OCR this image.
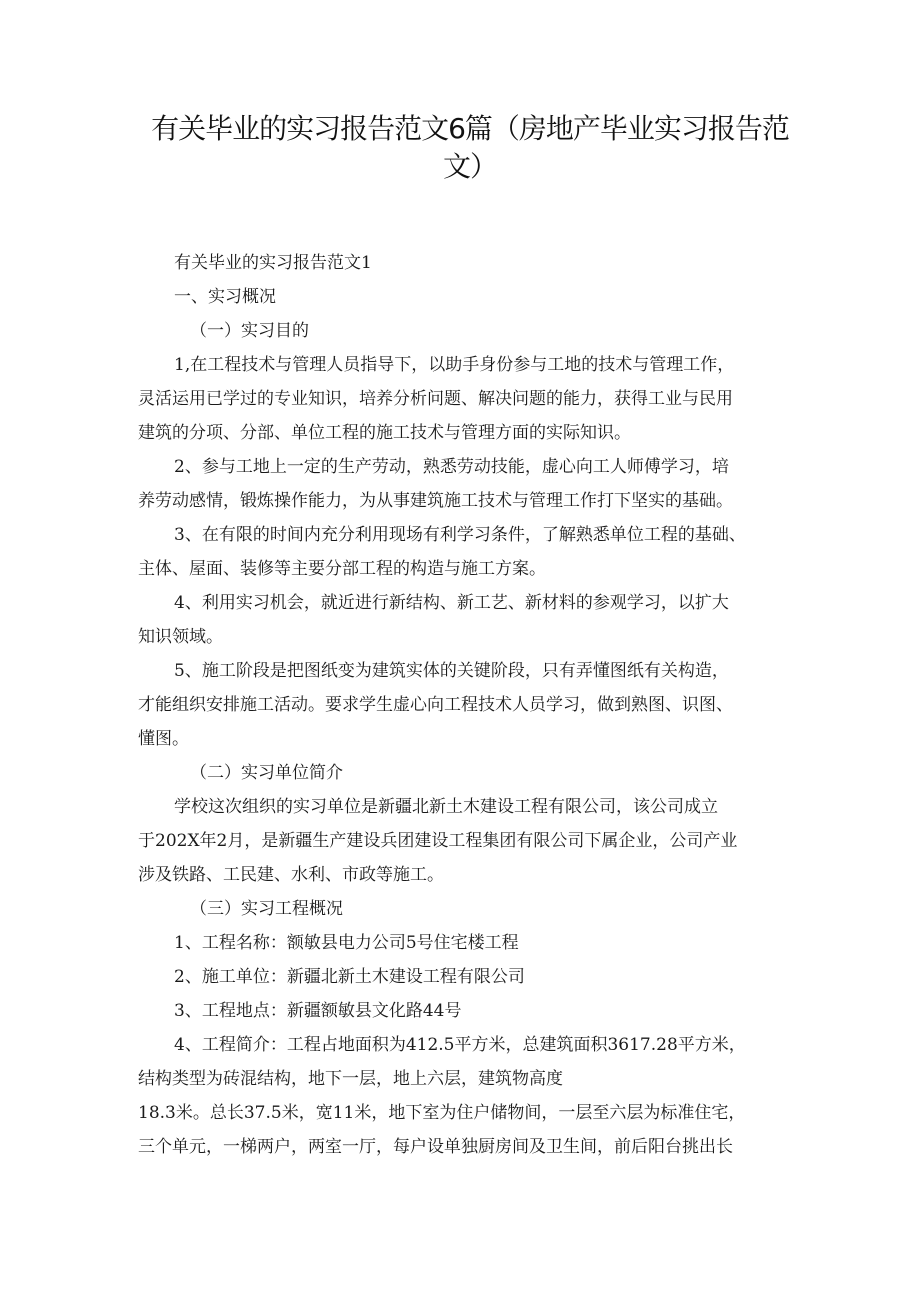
有关毕业的实习报告范文6篇（房地产毕业实习报告范文）
有关毕业的实习报告范文1
一、实习概况
（一）实习目的
1,在工程技术与管理人员指导下，以助手身份参与工地的技术与管理工作，
灵活运用已学过的专业知识，培养分析问题、解决问题的能力，获得工业与民用
建筑的分项、分部、单位工程的施工技术与管理方面的实际知识。
2、参与工地上一定的生产劳动，熟悉劳动技能，虚心向工人师傅学习，培
养劳动感情，锻炼操作能力，为从事建筑施工技术与管理工作打下坚实的基础。
3、在有限的时间内充分利用现场有利学习条件，了解熟悉单位工程的基础、
主体、屋面、装修等主要分部工程的构造与施工方案。
4、利用实习机会，就近进行新结构、新工艺、新材料的参观学习，以扩大
知识领域。
5、施工阶段是把图纸变为建筑实体的关键阶段，只有弄懂图纸有关构造，
才能组织安排施工活动。要求学生虚心向工程技术人员学习，做到熟图、识图、
懂图。
（二）实习单位简介
学校这次组织的实习单位是新疆北新土木建设工程有限公司，该公司成立
于202X年2月，是新疆生产建设兵团建设工程集团有限公司下属企业，公司产业
涉及铁路、工民建、水利、市政等施工。
（三）实习工程概况
1、工程名称：额敏县电力公司5号住宅楼工程
2、施工单位：新疆北新土木建设工程有限公司
3、工程地点：新疆额敏县文化路44号
4、工程简介：工程占地面积为412.5平方米，总建筑面积3617.28平方米，
结构类型为砖混结构，地下一层，地上六层，建筑物高度
18.3米。总长37.5米，宽11米，地下室为住户储物间，一层至六层为标准住宅，
三个单元，一梯两户，两室一厅，每户设单独厨房间及卫生间，前后阳台挑出长
